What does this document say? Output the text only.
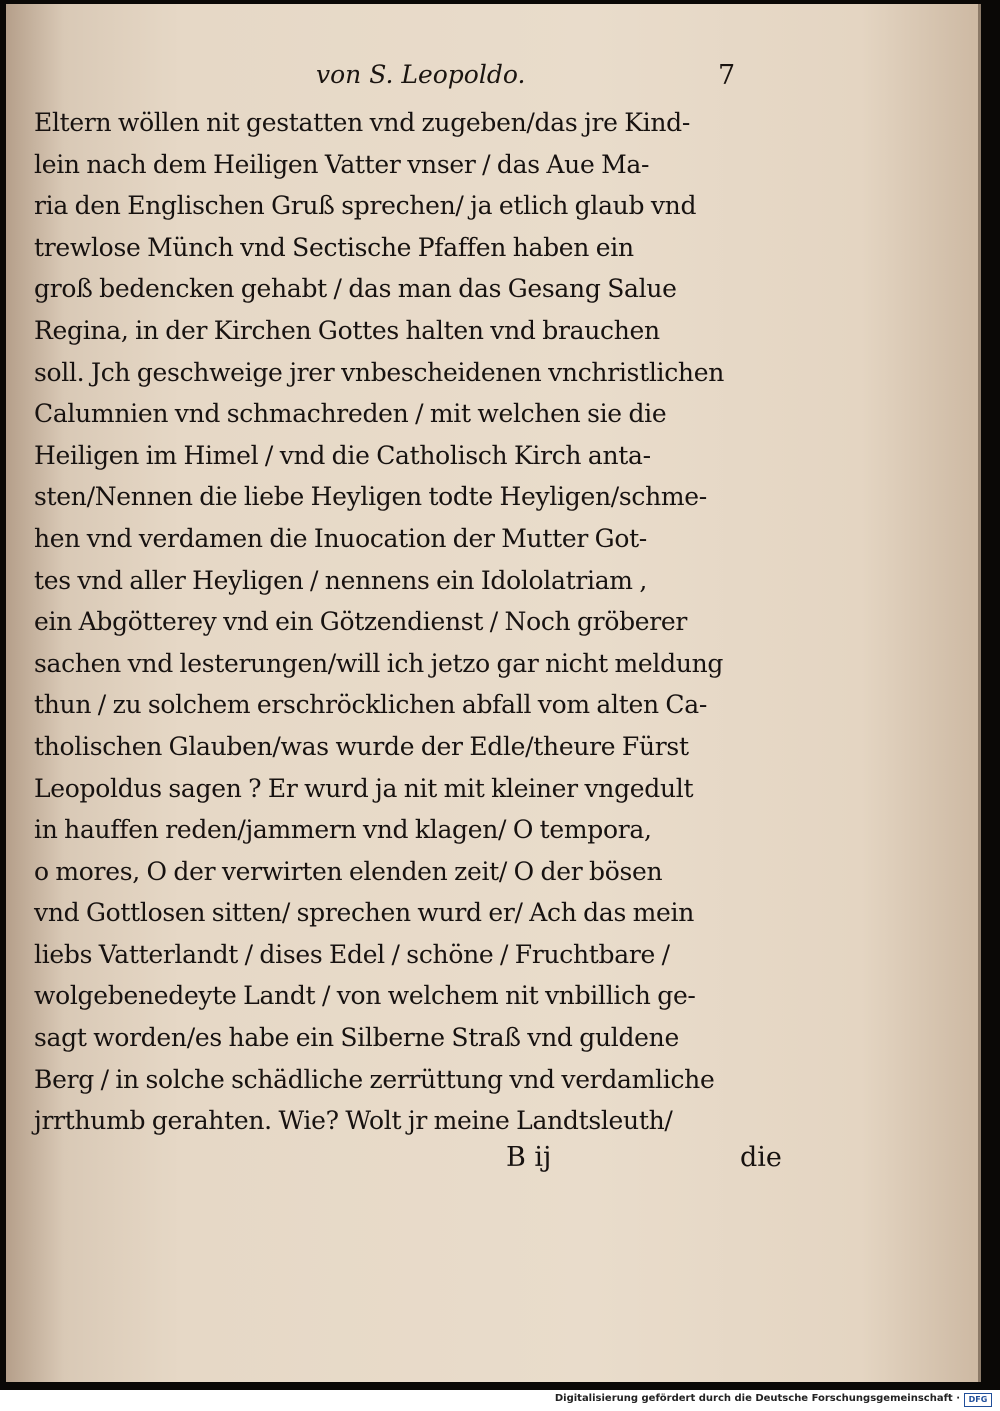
von S. Leopoldo.	7
Eltern wöllen nit gestatten vnd zugeben/das jre Kind-
lein nach dem Heiligen Vatter vnser / das Aue Ma-
ria den Englischen Gruß sprechen/ ja etlich glaub vnd
trewlose Münch vnd Sectische Pfaffen haben ein
groß bedencken gehabt / das man das Gesang Salue
Regina, in der Kirchen Gottes halten vnd brauchen
soll. Jch geschweige jrer vnbescheidenen vnchristlichen
Calumnien vnd schmachreden / mit welchen sie die
Heiligen im Himel / vnd die Catholisch Kirch anta-
sten/Nennen die liebe Heyligen todte Heyligen/schme-
hen vnd verdamen die Inuocation der Mutter Got-
tes vnd aller Heyligen / nennens ein Idololatriam ,
ein Abgötterey vnd ein Götzendienst / Noch gröberer
sachen vnd lesterungen/will ich jetzo gar nicht meldung
thun / zu solchem erschröcklichen abfall vom alten Ca-
tholischen Glauben/was wurde der Edle/theure Fürst
Leopoldus sagen ? Er wurd ja nit mit kleiner vngedult
in hauffen reden/jammern vnd klagen/ O tempora,
o mores, O der verwirten elenden zeit/ O der bösen
vnd Gottlosen sitten/ sprechen wurd er/ Ach das mein
liebs Vatterlandt / dises Edel / schöne / Fruchtbare /
wolgebenedeyte Landt / von welchem nit vnbillich ge-
sagt worden/es habe ein Silberne Straß vnd guldene
Berg / in solche schädliche zerrüttung vnd verdamliche
jrrthumb gerahten. Wie? Wolt jr meine Landtsleuth/
B ij	die
Digitalisierung gefördert durch die Deutsche Forschungsgemeinschaft ·	DFG
